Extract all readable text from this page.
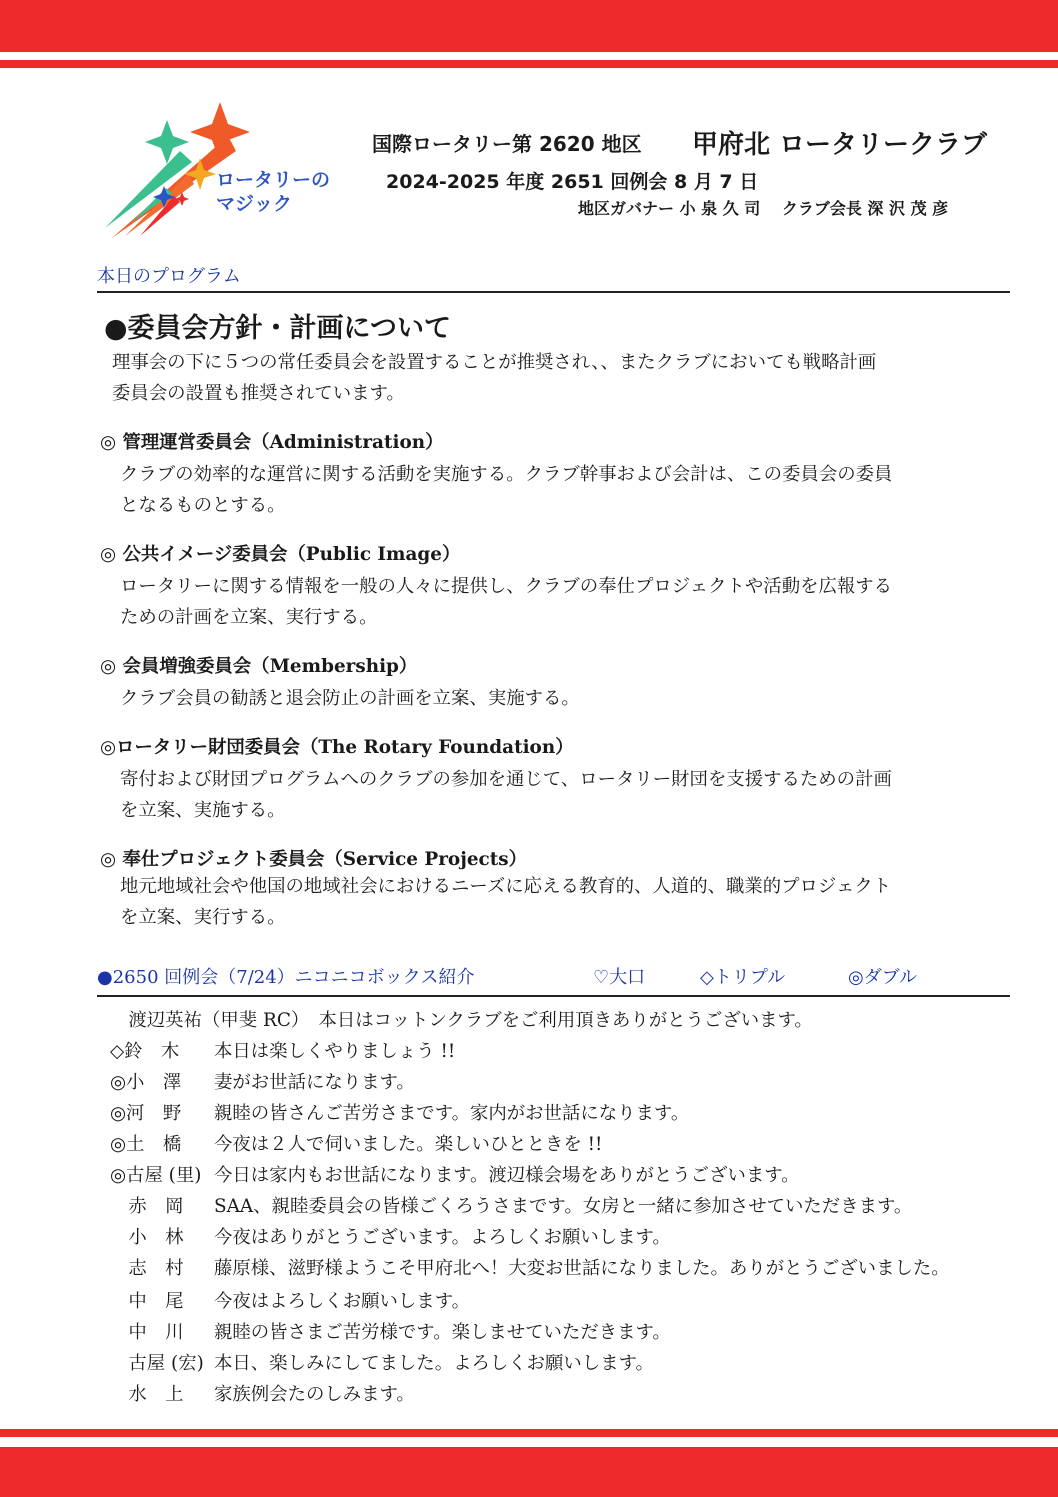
ロータリーの
マジック
国際ロータリー第 2620 地区 甲府北 ロータリークラブ
2024-2025 年度 2651 回例会 8 月 7 日
地区ガバナー 小 泉 久 司　 クラブ会長 深 沢 茂 彦
本日のプログラム
●委員会方針・計画について
理事会の下に５つの常任委員会を設置することが推奨され、、またクラブにおいても戦略計画
委員会の設置も推奨されています。
◎ 管理運営委員会（Administration）
クラブの効率的な運営に関する活動を実施する。クラブ幹事および会計は、この委員会の委員
となるものとする。
◎ 公共イメージ委員会（Public Image）
ロータリーに関する情報を一般の人々に提供し、クラブの奉仕プロジェクトや活動を広報する
ための計画を立案、実行する。
◎ 会員増強委員会（Membership）
クラブ会員の勧誘と退会防止の計画を立案、実施する。
◎ロータリー財団委員会（The Rotary Foundation）
寄付および財団プログラムへのクラブの参加を通じて、ロータリー財団を支援するための計画
を立案、実施する。
◎ 奉仕プロジェクト委員会（Service Projects）
地元地域社会や他国の地域社会におけるニーズに応える教育的、人道的、職業的プロジェクト
を立案、実行する。
●2650 回例会（7/24）ニコニコボックス紹介	♡大口	◇トリプル	◎ダブル
　渡辺英祐（甲斐 RC）　本日はコットンクラブをご利用頂きありがとうございます。
◇鈴　木 本日は楽しくやりましょう !!
◎小　澤 妻がお世話になります。
◎河　野 親睦の皆さんご苦労さまです。家内がお世話になります。
◎土　橋 今夜は２人で伺いました。楽しいひとときを !!
◎古屋 (里) 今日は家内もお世話になります。渡辺様会場をありがとうございます。
　赤　岡 SAA、親睦委員会の皆様ごくろうさまです。女房と一緒に参加させていただきます。
　小　林 今夜はありがとうございます。よろしくお願いします。
　志　村 藤原様、滋野様ようこそ甲府北へ！大変お世話になりました。ありがとうございました。
　中　尾 今夜はよろしくお願いします。
　中　川 親睦の皆さまご苦労様です。楽しませていただきます。
　古屋 (宏) 本日、楽しみにしてました。よろしくお願いします。
　水　上 家族例会たのしみます。
